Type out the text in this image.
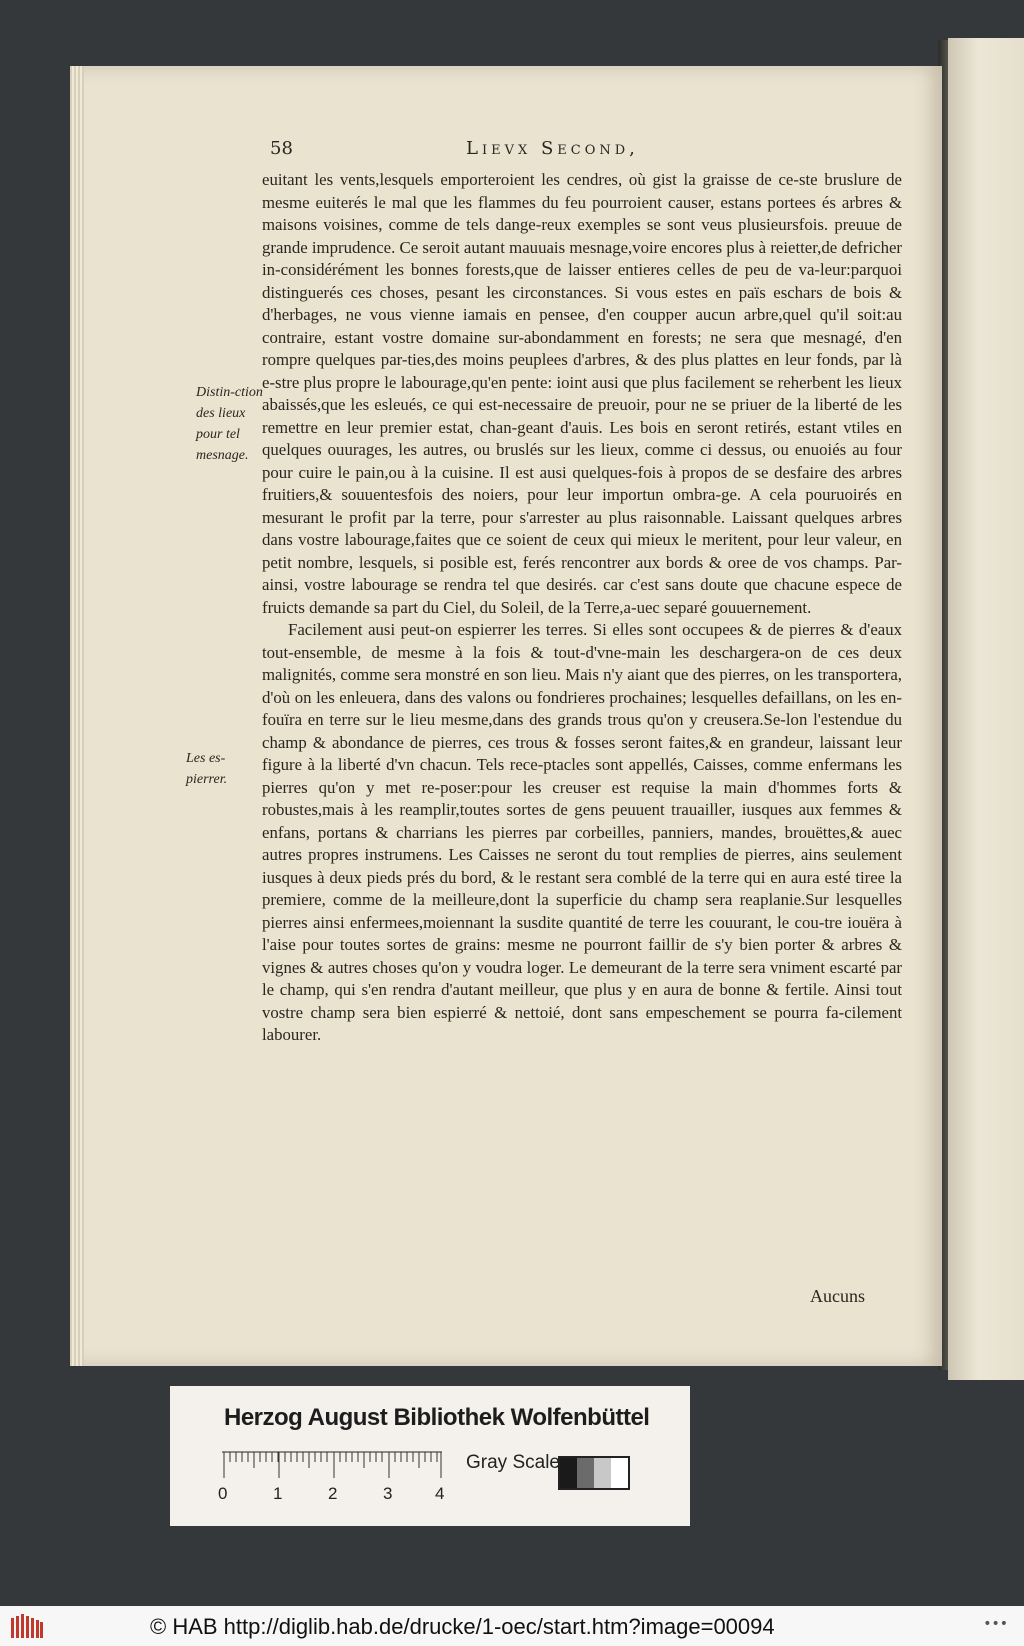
58	Lievx Second,

euitant les vents,lesquels emporteroient les cendres, où gist la graisse de ce-ste bruslure de mesme euiterés le mal que les flammes du feu pourroient causer, estans portees és arbres & maisons voisines, comme de tels dange-reux exemples se sont veus plusieursfois. preuue de grande imprudence. Ce seroit autant mauuais mesnage,voire encores plus à reietter,de defricher in-considérément les bonnes forests,que de laisser entieres celles de peu de va-leur:parquoi distinguerés ces choses, pesant les circonstances. Si vous estes en païs eschars de bois & d'herbages, ne vous vienne iamais en pensee, d'en coupper aucun arbre,quel qu'il soit:au contraire, estant vostre domaine sur-abondamment en forests; ne sera que mesnagé, d'en rompre quelques par-ties,des moins peuplees d'arbres, & des plus plattes en leur fonds, par là e-stre plus propre le labourage,qu'en pente: ioint ausi que plus facilement se reherbent les lieux abaissés,que les esleués, ce qui est-necessaire de preuoir, pour ne se priuer de la liberté de les remettre en leur premier estat, chan-geant d'auis. Les bois en seront retirés, estant vtiles en quelques ouurages, les autres, ou bruslés sur les lieux, comme ci dessus, ou enuoiés au four pour cuire le pain,ou à la cuisine. Il est ausi quelques-fois à propos de se desfaire des arbres fruitiers,& souuentesfois des noiers, pour leur importun ombra-ge. A cela pouruoirés en mesurant le profit par la terre, pour s'arrester au plus raisonnable. Laissant quelques arbres dans vostre labourage,faites que ce soient de ceux qui mieux le meritent, pour leur valeur, en petit nombre, lesquels, si posible est, ferés rencontrer aux bords & oree de vos champs. Par-ainsi, vostre labourage se rendra tel que desirés. car c'est sans doute que chacune espece de fruicts demande sa part du Ciel, du Soleil, de la Terre,a-uec separé gouuernement.

Facilement ausi peut-on espierrer les terres. Si elles sont occupees & de pierres & d'eaux tout-ensemble, de mesme à la fois & tout-d'vne-main les deschargera-on de ces deux malignités, comme sera monstré en son lieu. Mais n'y aiant que des pierres, on les transportera, d'où on les enleuera, dans des valons ou fondrieres prochaines; lesquelles defaillans, on les en-fouïra en terre sur le lieu mesme,dans des grands trous qu'on y creusera.Se-lon l'estendue du champ & abondance de pierres, ces trous & fosses seront faites,& en grandeur, laissant leur figure à la liberté d'vn chacun. Tels rece-ptacles sont appellés, Caisses, comme enfermans les pierres qu'on y met re-poser:pour les creuser est requise la main d'hommes forts & robustes,mais à les reamplir,toutes sortes de gens peuuent trauailler, iusques aux femmes & enfans, portans & charrians les pierres par corbeilles, panniers, mandes, brouëttes,& auec autres propres instrumens. Les Caisses ne seront du tout remplies de pierres, ains seulement iusques à deux pieds prés du bord, & le restant sera comblé de la terre qui en aura esté tiree la premiere, comme de la meilleure,dont la superficie du champ sera reaplanie.Sur lesquelles pierres ainsi enfermees,moiennant la susdite quantité de terre les couurant, le cou-tre iouëra à l'aise pour toutes sortes de grains: mesme ne pourront faillir de s'y bien porter & arbres & vignes & autres choses qu'on y voudra loger. Le demeurant de la terre sera vniment escarté par le champ, qui s'en rendra d'autant meilleur, que plus y en aura de bonne & fertile. Ainsi tout vostre champ sera bien espierré & nettoié, dont sans empeschement se pourra fa-cilement labourer.

Distin-ction des lieux pour tel mesnage.
Les es-pierrer.
Aucuns
Herzog August Bibliothek Wolfenbüttel
0	1	2	3	4
Gray Scale
© HAB http://diglib.hab.de/drucke/1-oec/start.htm?image=00094	•••
